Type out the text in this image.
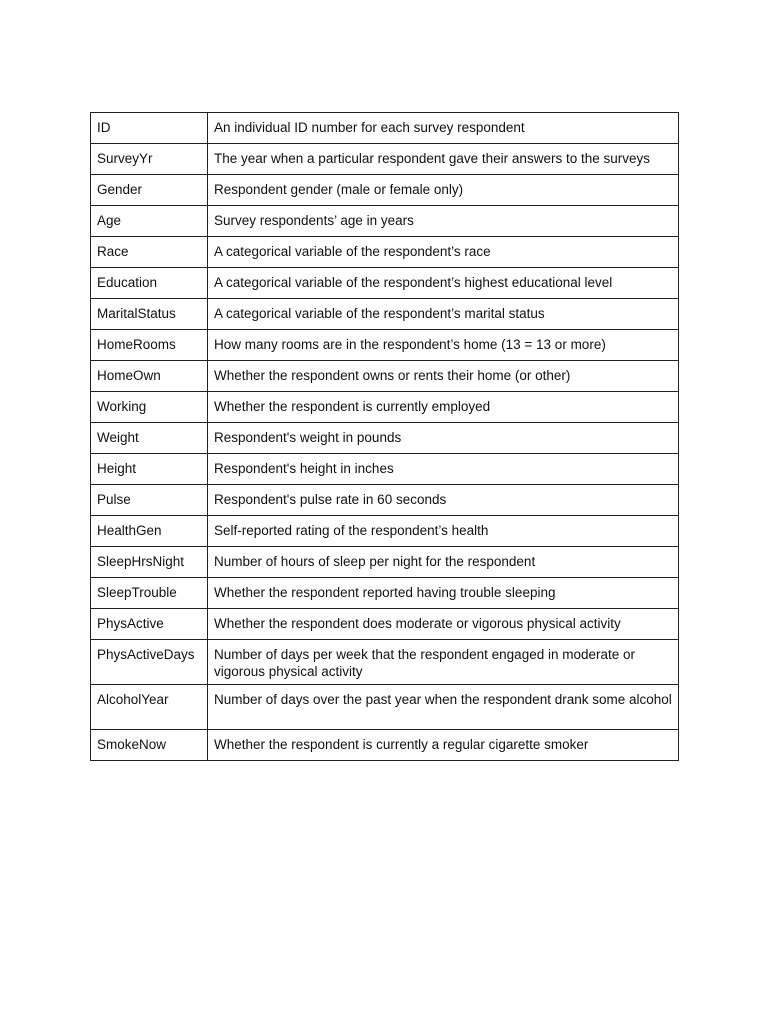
ID	An individual ID number for each survey respondent
SurveyYr	The year when a particular respondent gave their answers to the surveys
Gender	Respondent gender (male or female only)
Age	Survey respondents’ age in years
Race	A categorical variable of the respondent’s race
Education	A categorical variable of the respondent’s highest educational level
MaritalStatus	A categorical variable of the respondent’s marital status
HomeRooms	How many rooms are in the respondent’s home (13 = 13 or more)
HomeOwn	Whether the respondent owns or rents their home (or other)
Working	Whether the respondent is currently employed
Weight	Respondent's weight in pounds
Height	Respondent's height in inches
Pulse	Respondent's pulse rate in 60 seconds
HealthGen	Self-reported rating of the respondent’s health
SleepHrsNight	Number of hours of sleep per night for the respondent
SleepTrouble	Whether the respondent reported having trouble sleeping
PhysActive	Whether the respondent does moderate or vigorous physical activity
PhysActiveDays	Number of days per week that the respondent engaged in moderate or vigorous physical activity
AlcoholYear	Number of days over the past year when the respondent drank some alcohol
SmokeNow	Whether the respondent is currently a regular cigarette smoker
